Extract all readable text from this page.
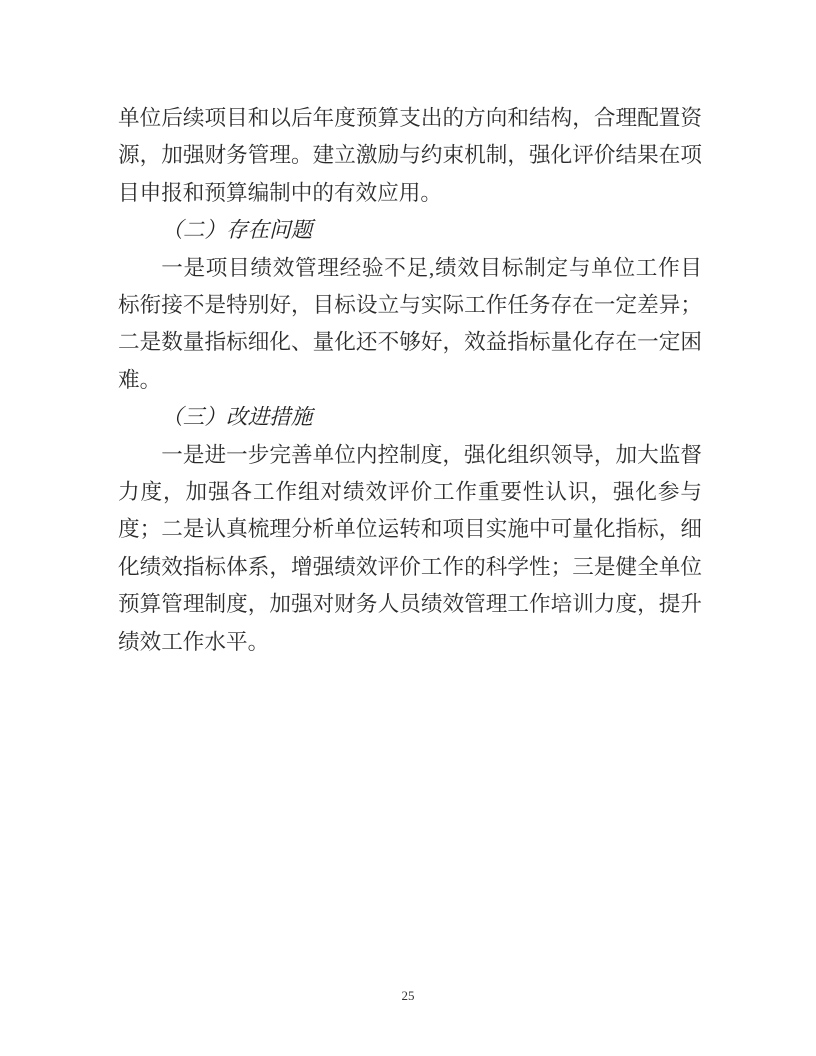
单位后续项目和以后年度预算支出的方向和结构，合理配置资源，加强财务管理。建立激励与约束机制，强化评价结果在项目申报和预算编制中的有效应用。

（二）存在问题

一是项目绩效管理经验不足,绩效目标制定与单位工作目标衔接不是特别好，目标设立与实际工作任务存在一定差异；二是数量指标细化、量化还不够好，效益指标量化存在一定困难。

（三）改进措施

一是进一步完善单位内控制度，强化组织领导，加大监督力度，加强各工作组对绩效评价工作重要性认识，强化参与度；二是认真梳理分析单位运转和项目实施中可量化指标，细化绩效指标体系，增强绩效评价工作的科学性；三是健全单位预算管理制度，加强对财务人员绩效管理工作培训力度，提升绩效工作水平。

25
